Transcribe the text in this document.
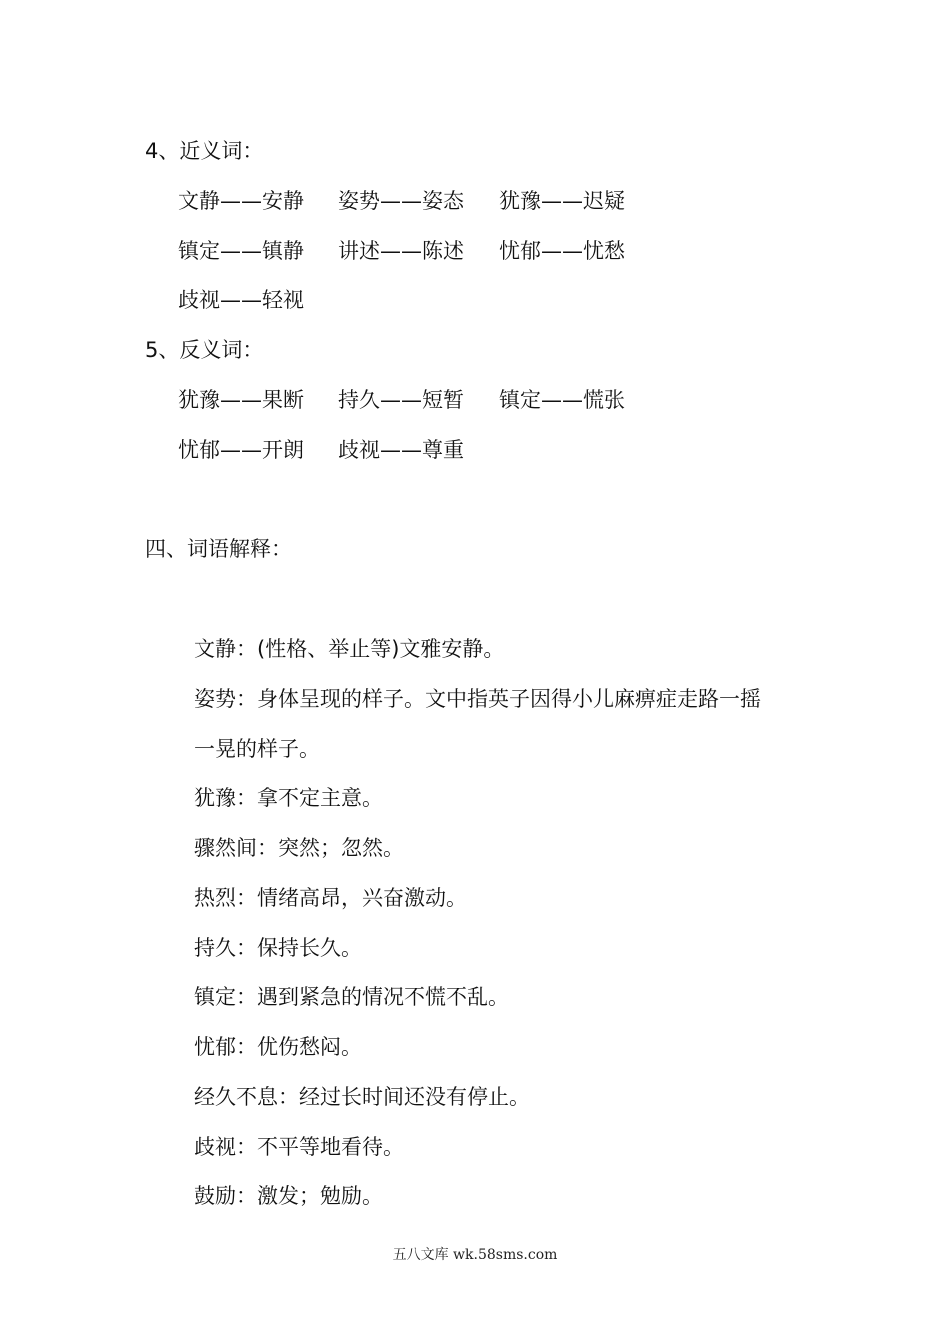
4、近义词：
文静——安静 姿势——姿态 犹豫——迟疑
镇定——镇静 讲述——陈述 忧郁——忧愁
歧视——轻视
5、反义词：
犹豫——果断 持久——短暂 镇定——慌张
忧郁——开朗 歧视——尊重
四、词语解释：
文静：(性格、举止等)文雅安静。
姿势：身体呈现的样子。文中指英子因得小儿麻痹症走路一摇
一晃的样子。
犹豫：拿不定主意。
骤然间：突然；忽然。
热烈：情绪高昂，兴奋激动。
持久：保持长久。
镇定：遇到紧急的情况不慌不乱。
忧郁：优伤愁闷。
经久不息：经过长时间还没有停止。
歧视：不平等地看待。
鼓励：激发；勉励。
五八文库 wk.58sms.com
